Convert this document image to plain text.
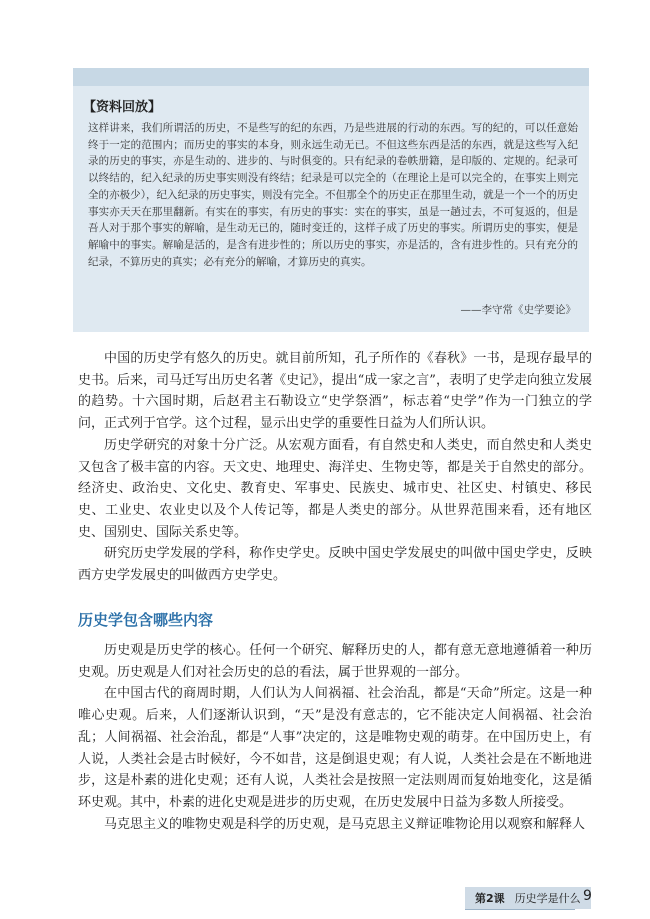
【资料回放】

这样讲来，我们所谓活的历史，不是些写的纪的东西，乃是些进展的行动的东西。写的纪的，可以任意始终于一定的范围内；而历史的事实的本身，则永远生动无已。不但这些东西是活的东西，就是这些写入纪录的历史的事实，亦是生动的、进步的、与时俱变的。只有纪录的卷帙册籍，是印版的、定规的。纪录可以终结的，纪入纪录的历史事实则没有终结；纪录是可以完全的（在理论上是可以完全的，在事实上则完全的亦极少），纪入纪录的历史事实，则没有完全。不但那全个的历史正在那里生动，就是一个一个的历史事实亦天天在那里翻新。有实在的事实，有历史的事实：实在的事实，虽是一趟过去，不可复返的，但是吾人对于那个事实的解喻，是生动无已的，随时变迁的，这样子成了历史的事实。所谓历史的事实，便是解喻中的事实。解喻是活的，是含有进步性的；所以历史的事实，亦是活的，含有进步性的。只有充分的纪录，不算历史的真实；必有充分的解喻，才算历史的真实。

——李守常《史学要论》

中国的历史学有悠久的历史。就目前所知，孔子所作的《春秋》一书，是现存最早的史书。后来，司马迁写出历史名著《史记》，提出“成一家之言”，表明了史学走向独立发展的趋势。十六国时期，后赵君主石勒设立“史学祭酒”，标志着“史学”作为一门独立的学问，正式列于官学。这个过程，显示出史学的重要性日益为人们所认识。

历史学研究的对象十分广泛。从宏观方面看，有自然史和人类史，而自然史和人类史又包含了极丰富的内容。天文史、地理史、海洋史、生物史等，都是关于自然史的部分。经济史、政治史、文化史、教育史、军事史、民族史、城市史、社区史、村镇史、移民史、工业史、农业史以及个人传记等，都是人类史的部分。从世界范围来看，还有地区史、国别史、国际关系史等。

研究历史学发展的学科，称作史学史。反映中国史学发展史的叫做中国史学史，反映西方史学发展史的叫做西方史学史。

历史学包含哪些内容

历史观是历史学的核心。任何一个研究、解释历史的人，都有意无意地遵循着一种历史观。历史观是人们对社会历史的总的看法，属于世界观的一部分。

在中国古代的商周时期，人们认为人间祸福、社会治乱，都是“天命”所定。这是一种唯心史观。后来，人们逐渐认识到，“天”是没有意志的，它不能决定人间祸福、社会治乱；人间祸福、社会治乱，都是“人事”决定的，这是唯物史观的萌芽。在中国历史上，有人说，人类社会是古时候好，今不如昔，这是倒退史观；有人说，人类社会是在不断地进步，这是朴素的进化史观；还有人说，人类社会是按照一定法则周而复始地变化，这是循环史观。其中，朴素的进化史观是进步的历史观，在历史发展中日益为多数人所接受。

马克思主义的唯物史观是科学的历史观，是马克思主义辩证唯物论用以观察和解释人

第2课 历史学是什么 9
